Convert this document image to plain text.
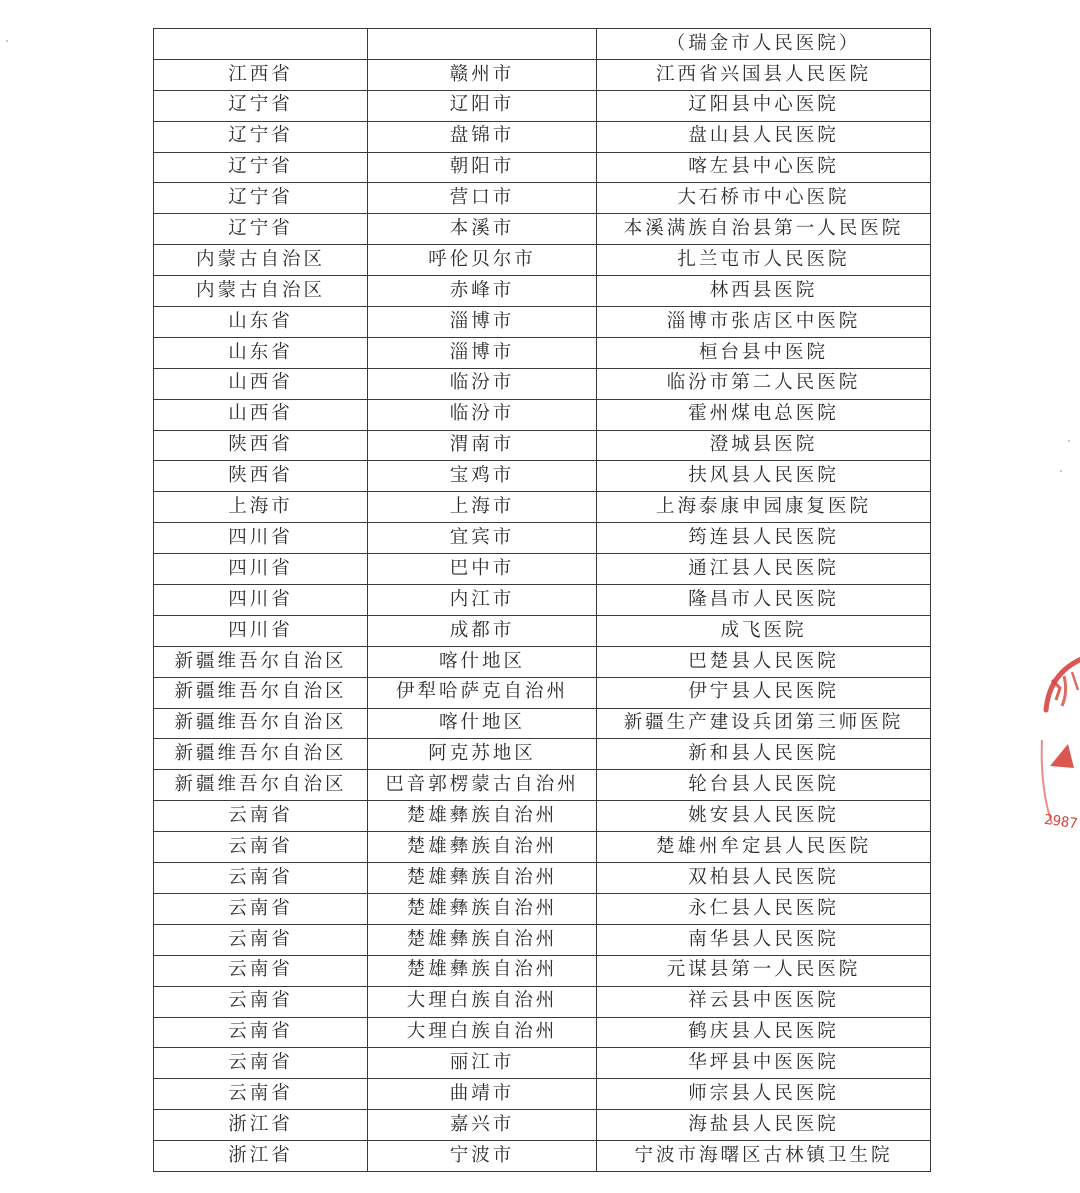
		（瑞金市人民医院）
江西省	赣州市	江西省兴国县人民医院
辽宁省	辽阳市	辽阳县中心医院
辽宁省	盘锦市	盘山县人民医院
辽宁省	朝阳市	喀左县中心医院
辽宁省	营口市	大石桥市中心医院
辽宁省	本溪市	本溪满族自治县第一人民医院
内蒙古自治区	呼伦贝尔市	扎兰屯市人民医院
内蒙古自治区	赤峰市	林西县医院
山东省	淄博市	淄博市张店区中医院
山东省	淄博市	桓台县中医院
山西省	临汾市	临汾市第二人民医院
山西省	临汾市	霍州煤电总医院
陕西省	渭南市	澄城县医院
陕西省	宝鸡市	扶风县人民医院
上海市	上海市	上海泰康申园康复医院
四川省	宜宾市	筠连县人民医院
四川省	巴中市	通江县人民医院
四川省	内江市	隆昌市人民医院
四川省	成都市	成飞医院
新疆维吾尔自治区	喀什地区	巴楚县人民医院
新疆维吾尔自治区	伊犁哈萨克自治州	伊宁县人民医院
新疆维吾尔自治区	喀什地区	新疆生产建设兵团第三师医院
新疆维吾尔自治区	阿克苏地区	新和县人民医院
新疆维吾尔自治区	巴音郭楞蒙古自治州	轮台县人民医院
云南省	楚雄彝族自治州	姚安县人民医院
云南省	楚雄彝族自治州	楚雄州牟定县人民医院
云南省	楚雄彝族自治州	双柏县人民医院
云南省	楚雄彝族自治州	永仁县人民医院
云南省	楚雄彝族自治州	南华县人民医院
云南省	楚雄彝族自治州	元谋县第一人民医院
云南省	大理白族自治州	祥云县中医医院
云南省	大理白族自治州	鹤庆县人民医院
云南省	丽江市	华坪县中医医院
云南省	曲靖市	师宗县人民医院
浙江省	嘉兴市	海盐县人民医院
浙江省	宁波市	宁波市海曙区古林镇卫生院
2987
